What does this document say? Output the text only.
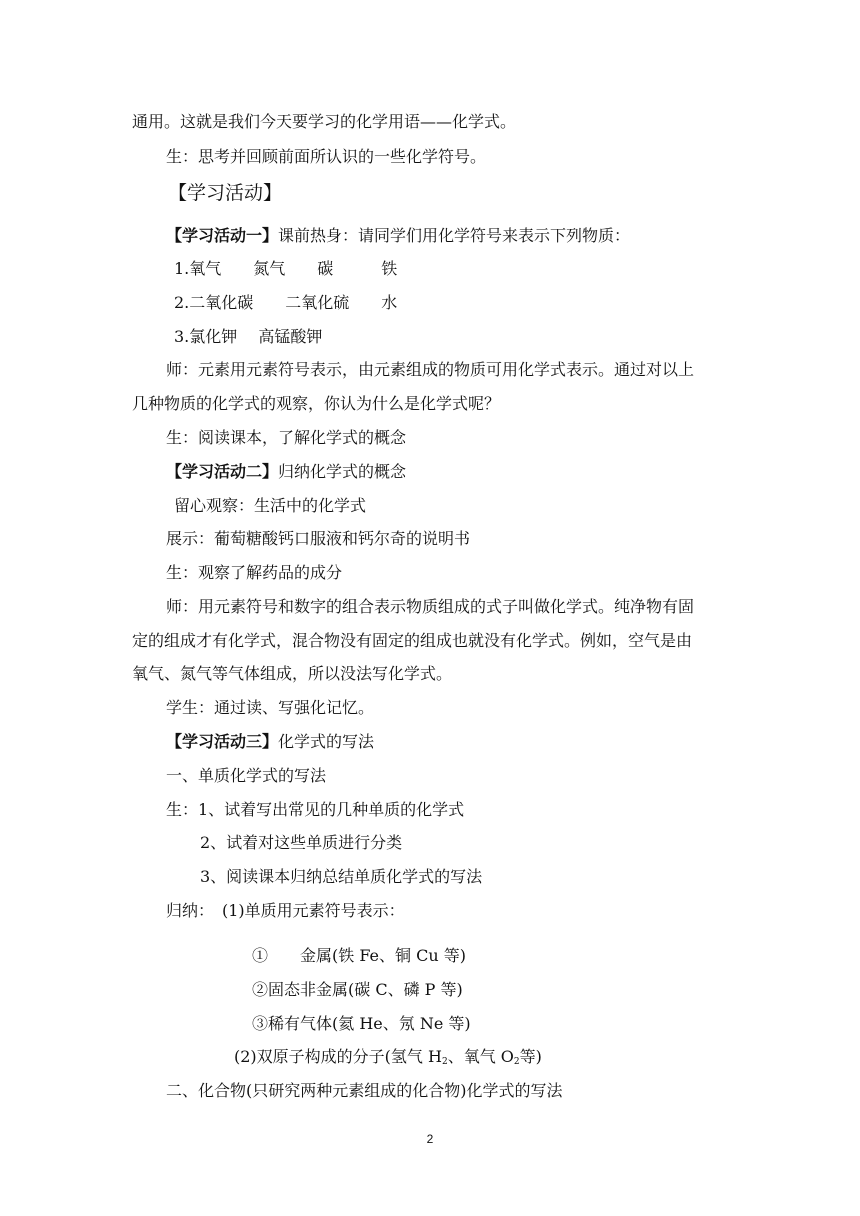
通用。这就是我们今天要学习的化学用语——化学式。
生：思考并回顾前面所认识的一些化学符号。
【学习活动】
【学习活动一】课前热身：请同学们用化学符号来表示下列物质：
1.氧气　　氮气　　碳　　　铁
2.二氧化碳　　二氧化硫　　水
3.氯化钾　 高锰酸钾
师：元素用元素符号表示，由元素组成的物质可用化学式表示。通过对以上
几种物质的化学式的观察，你认为什么是化学式呢？
生：阅读课本，了解化学式的概念
【学习活动二】归纳化学式的概念
留心观察：生活中的化学式
展示：葡萄糖酸钙口服液和钙尔奇的说明书
生：观察了解药品的成分
师：用元素符号和数字的组合表示物质组成的式子叫做化学式。纯净物有固
定的组成才有化学式，混合物没有固定的组成也就没有化学式。例如，空气是由
氧气、氮气等气体组成，所以没法写化学式。
学生：通过读、写强化记忆。
【学习活动三】化学式的写法
一、单质化学式的写法
生：1、试着写出常见的几种单质的化学式
2、试着对这些单质进行分类
3、阅读课本归纳总结单质化学式的写法
归纳：　(1)单质用元素符号表示：
①　　金属(铁 Fe、铜 Cu 等)
②固态非金属(碳 C、磷 P 等)
③稀有气体(氦 He、氖 Ne 等)
(2)双原子构成的分子(氢气 $H_2$、氧气 $O_2$等)
二、化合物(只研究两种元素组成的化合物)化学式的写法
2
